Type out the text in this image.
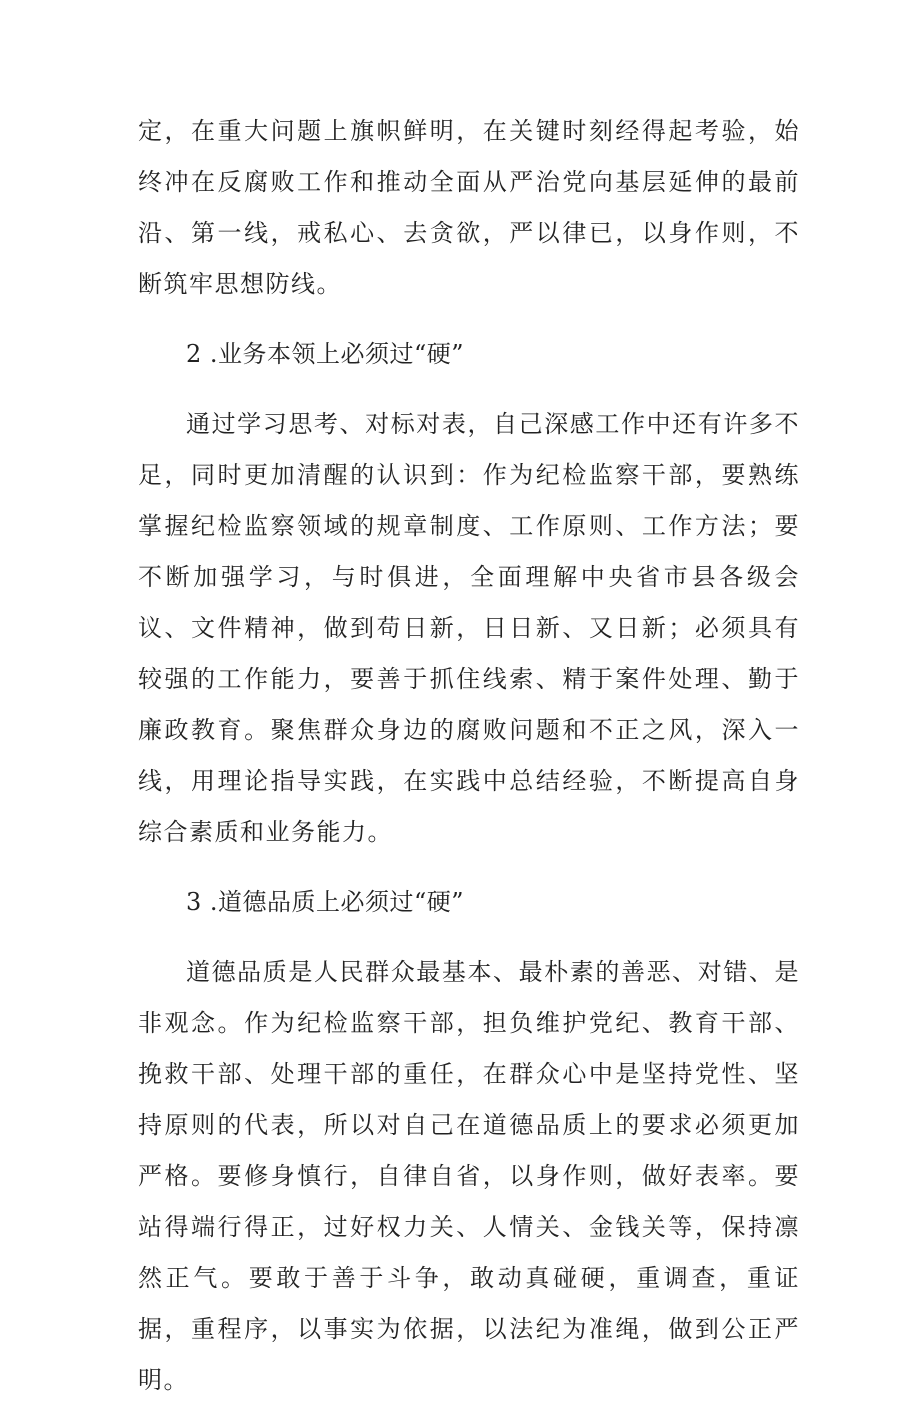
定，在重大问题上旗帜鲜明，在关键时刻经得起考验，始终冲在反腐败工作和推动全面从严治党向基层延伸的最前沿、第一线，戒私心、去贪欲，严以律已，以身作则，不断筑牢思想防线。

2 .业务本领上必须过“硬”

通过学习思考、对标对表，自己深感工作中还有许多不足，同时更加清醒的认识到：作为纪检监察干部，要熟练掌握纪检监察领域的规章制度、工作原则、工作方法；要不断加强学习，与时俱进，全面理解中央省市县各级会议、文件精神，做到苟日新，日日新、又日新；必须具有较强的工作能力，要善于抓住线索、精于案件处理、勤于廉政教育。聚焦群众身边的腐败问题和不正之风，深入一线，用理论指导实践，在实践中总结经验，不断提高自身综合素质和业务能力。

3 .道德品质上必须过“硬”

道德品质是人民群众最基本、最朴素的善恶、对错、是非观念。作为纪检监察干部，担负维护党纪、教育干部、挽救干部、处理干部的重任，在群众心中是坚持党性、坚持原则的代表，所以对自己在道德品质上的要求必须更加严格。要修身慎行，自律自省，以身作则，做好表率。要站得端行得正，过好权力关、人情关、金钱关等，保持凛然正气。要敢于善于斗争，敢动真碰硬，重调查，重证据，重程序，以事实为依据，以法纪为准绳，做到公正严明。
